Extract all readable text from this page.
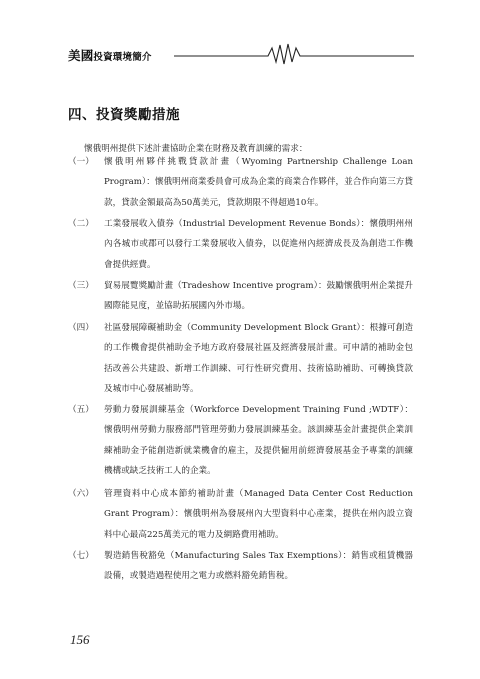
美國投資環境簡介
四、投資獎勵措施
懷俄明州提供下述計畫協助企業在財務及教育訓練的需求：
（一）	懷俄明州夥伴挑戰貸款計畫（Wyoming Partnership Challenge Loan Program）：懷俄明州商業委員會可成為企業的商業合作夥伴，並合作向第三方貸款，貸款金額最高為50萬美元，貸款期限不得超過10年。
（二）	工業發展收入債券（Industrial Development Revenue Bonds）：懷俄明州州內各城市或郡可以發行工業發展收入債券，以促進州內經濟成長及為創造工作機會提供經費。
（三）	貿易展覽獎勵計畫（Tradeshow Incentive program）：鼓勵懷俄明州企業提升國際能見度，並協助拓展國內外市場。
（四）	社區發展障礙補助金（Community Development Block Grant）：根據可創造的工作機會提供補助金予地方政府發展社區及經濟發展計畫。可申請的補助金包括改善公共建設、新增工作訓練、可行性研究費用、技術協助補助、可轉換貸款及城市中心發展補助等。
（五）	勞動力發展訓練基金（Workforce Development Training Fund ;WDTF）：懷俄明州勞動力服務部門管理勞動力發展訓練基金。該訓練基金計畫提供企業訓練補助金予能創造新就業機會的雇主，及提供僱用前經濟發展基金予專業的訓練機構或缺乏技術工人的企業。
（六）	管理資料中心成本節約補助計畫（Managed Data Center Cost Reduction Grant Program）：懷俄明州為發展州內大型資料中心產業，提供在州內設立資料中心最高225萬美元的電力及網路費用補助。
（七）	製造銷售稅豁免（Manufacturing Sales Tax Exemptions）：銷售或租賃機器設備，或製造過程使用之電力或燃料豁免銷售稅。
156
